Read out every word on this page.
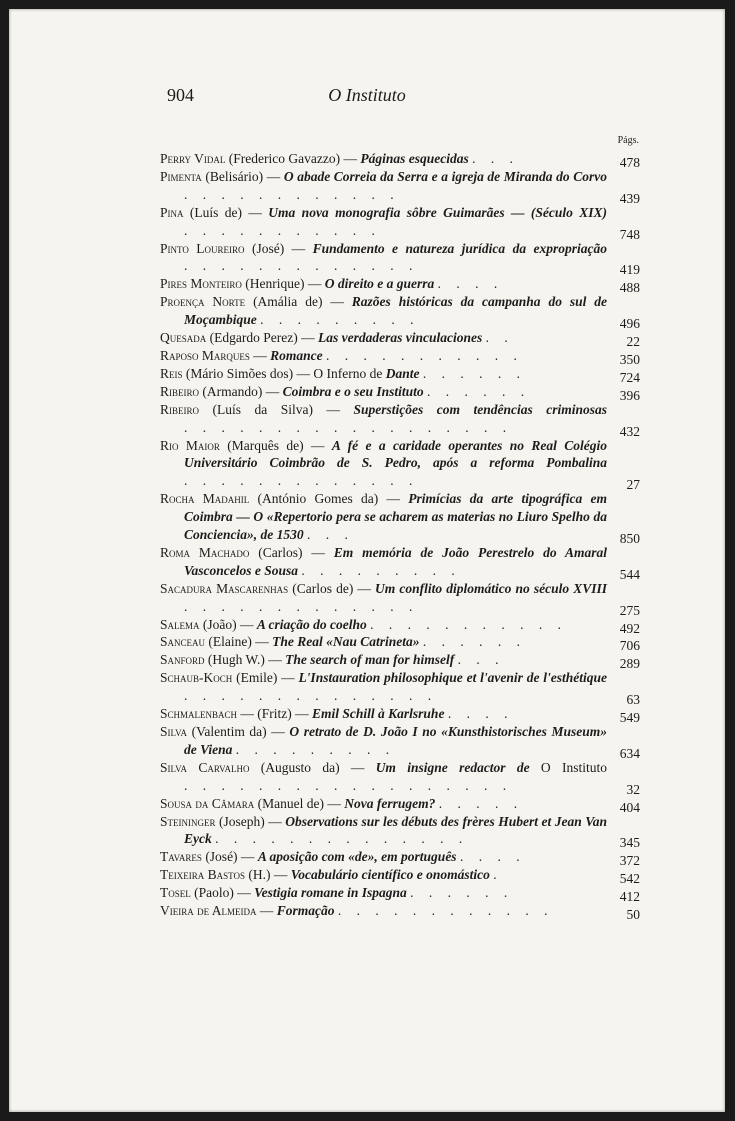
904	O Instituto
Págs.
Perry Vidal (Frederico Gavazzo) — Páginas esquecidas . . .	478
Pimenta (Belisário) — O abade Correia da Serra e a igreja de Miranda do Corvo . . . . . . . . . . . .	439
Pina (Luís de) — Uma nova monografia sôbre Guimarães — (Século XIX) . . . . . . . . . . .	748
Pinto Loureiro (José) — Fundamento e natureza jurídica da expropriação . . . . . . . . . . . . .	419
Pires Monteiro (Henrique) — O direito e a guerra . . . .	488
Proença Norte (Amália de) — Razões históricas da campanha do sul de Moçambique . . . . . . . . .	496
Quesada (Edgardo Perez) — Las verdaderas vinculaciones . .	22
Raposo Marques — Romance . . . . . . . . . . .	350
Reis (Mário Simões dos) — O Inferno de Dante . . . . . .	724
Ribeiro (Armando) — Coimbra e o seu Instituto . . . . . .	396
Ribeiro (Luís da Silva) — Superstições com tendências criminosas . . . . . . . . . . . . . . . . . .	432
Rio Maior (Marquês de) — A fé e a caridade operantes no Real Colégio Universitário Coimbrão de S. Pedro, após a reforma Pombalina . . . . . . . . . . . . .	27
Rocha Madahil (António Gomes da) — Primícias da arte tipográfica em Coimbra — O «Repertorio pera se acharem as materias no Liuro Spelho da Conciencia», de 1530 . . .	850
Roma Machado (Carlos) — Em memória de João Perestrelo do Amaral Vasconcelos e Sousa . . . . . . . . .	544
Sacadura Mascarenhas (Carlos de) — Um conflito diplomático no século XVIII . . . . . . . . . . . . .	275
Salema (João) — A criação do coelho . . . . . . . . . . .	492
Sanceau (Elaine) — The Real «Nau Catrineta» . . . . . .	706
Sanford (Hugh W.) — The search of man for himself . . .	289
Schaub-Koch (Emile) — L'Instauration philosophique et l'avenir de l'esthétique . . . . . . . . . . . . . .	63
Schmalenbach — (Fritz) — Emil Schill à Karlsruhe . . . .	549
Silva (Valentim da) — O retrato de D. João I no «Kunsthistorisches Museum» de Viena . . . . . . . . .	634
Silva Carvalho (Augusto da) — Um insigne redactor de O Instituto . . . . . . . . . . . . . . . . . .	32
Sousa da Câmara (Manuel de) — Nova ferrugem? . . . . .	404
Steininger (Joseph) — Observations sur les débuts des frères Hubert et Jean Van Eyck . . . . . . . . . . . . . .	345
Tavares (José) — A aposição com «de», em português . . . .	372
Teixeira Bastos (H.) — Vocabulário científico e onomástico .	542
Tosel (Paolo) — Vestigia romane in Ispagna . . . . . .	412
Vieira de Almeida — Formação . . . . . . . . . . . .	50
